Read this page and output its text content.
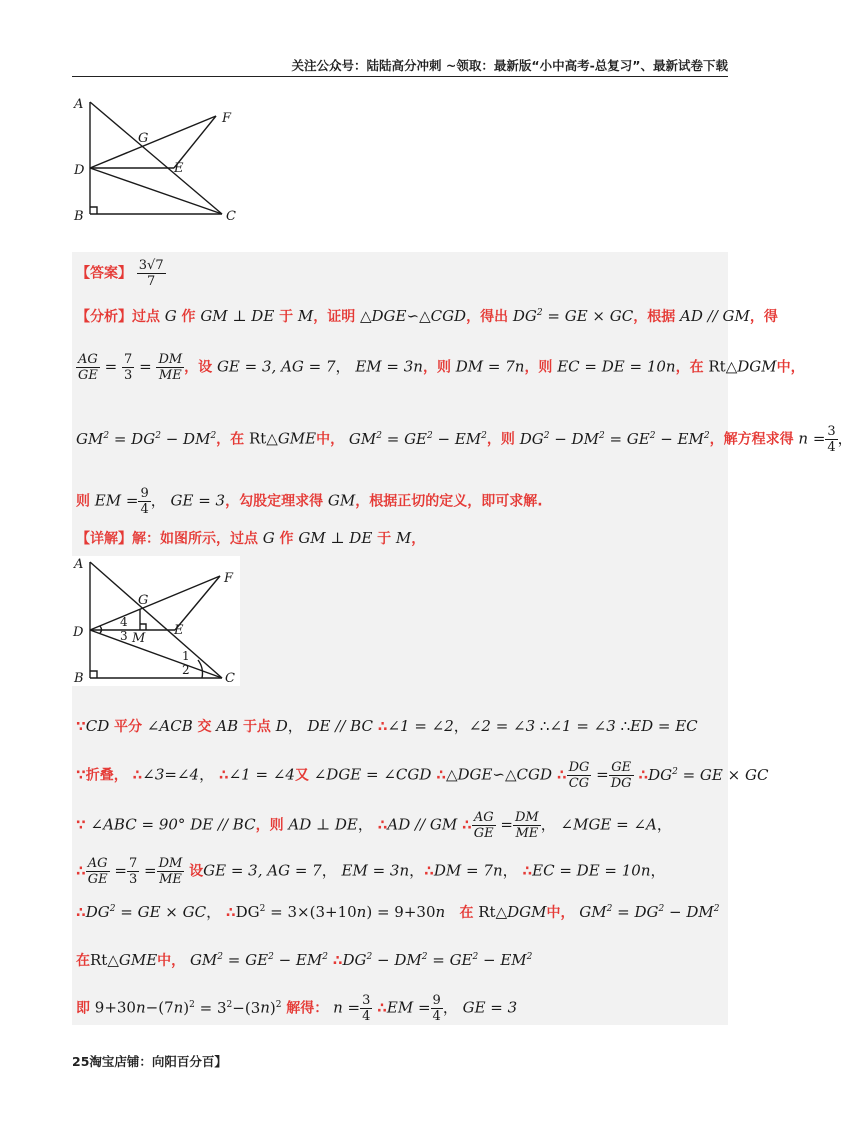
关注公众号：陆陆高分冲刺 ~领取：最新版“小中高考-总复习”、最新试卷下载
A
G
F
D	E
B	C
【答案】 $\frac{3√7}{7}$
【分析】过点 G 作 GM ⊥ DE 于 M，证明 △DGE∽△CGD，得出 $DG^2$ = GE × GC，根据 AD // GM，得
$\frac{AG}{GE} = \frac{7}{3} = \frac{DM}{ME}$ ，设 GE = 3, AG = 7， EM = 3n，则 DM = 7n，则 EC = DE = 10n，在 Rt△DGM中，
$GM^2 = DG^2 - DM^2$，在 Rt△GME中， $GM^2 = GE^2 - EM^2$，则 $DG^2 - DM^2 = GE^2 - EM^2$，解方程求得 $n = \frac{3}{4}$ ，
则 EM = $\frac{9}{4}$ ， GE = 3，勾股定理求得 GM，根据正切的定义，即可求解.
【详解】解：如图所示，过点 G 作 GM ⊥ DE 于 M，
A
F
G
D	E
M
B	C
4
3
1
2
∵CD 平分 ∠ACB 交 AB 于点 D， DE // BC ∴∠1 = ∠2，∠2 = ∠3 ∴∠1 = ∠3 ∴ED = EC
∵折叠， ∴∠3=∠4， ∴∠1 = ∠4又 ∠DGE = ∠CGD ∴△DGE∽△CGD ∴ $\frac{DG}{CG} = \frac{GE}{DG}$ $\therefore DG^2$ = GE × GC
∵ ∠ABC = 90° DE // BC，则 AD ⊥ DE， ∴AD // GM ∴ $\frac{AG}{GE} = \frac{DM}{ME}$ ， ∠MGE = ∠A，
∴ $\frac{AG}{GE} = \frac{7}{3} = \frac{DM}{ME}$ 设GE = 3, AG = 7， EM = 3n，∴DM = 7n， ∴EC = DE = 10n，
$\therefore DG^2$ = GE × GC， $\therefore DG^2 = 3\times(3+10n) = 9+30n$ 在 Rt△DGM中， $GM^2 = DG^2 - DM^2$
在Rt△GME中， $GM^2 = GE^2 - EM^2$ $\therefore DG^2 - DM^2 = GE^2 - EM^2$
即 $9+30n-(7n)^2 = 3^2-(3n)^2$ 解得： $n = \frac{3}{4}$ ∴EM = $\frac{9}{4}$ ， GE = 3
25淘宝店铺：向阳百分百】
